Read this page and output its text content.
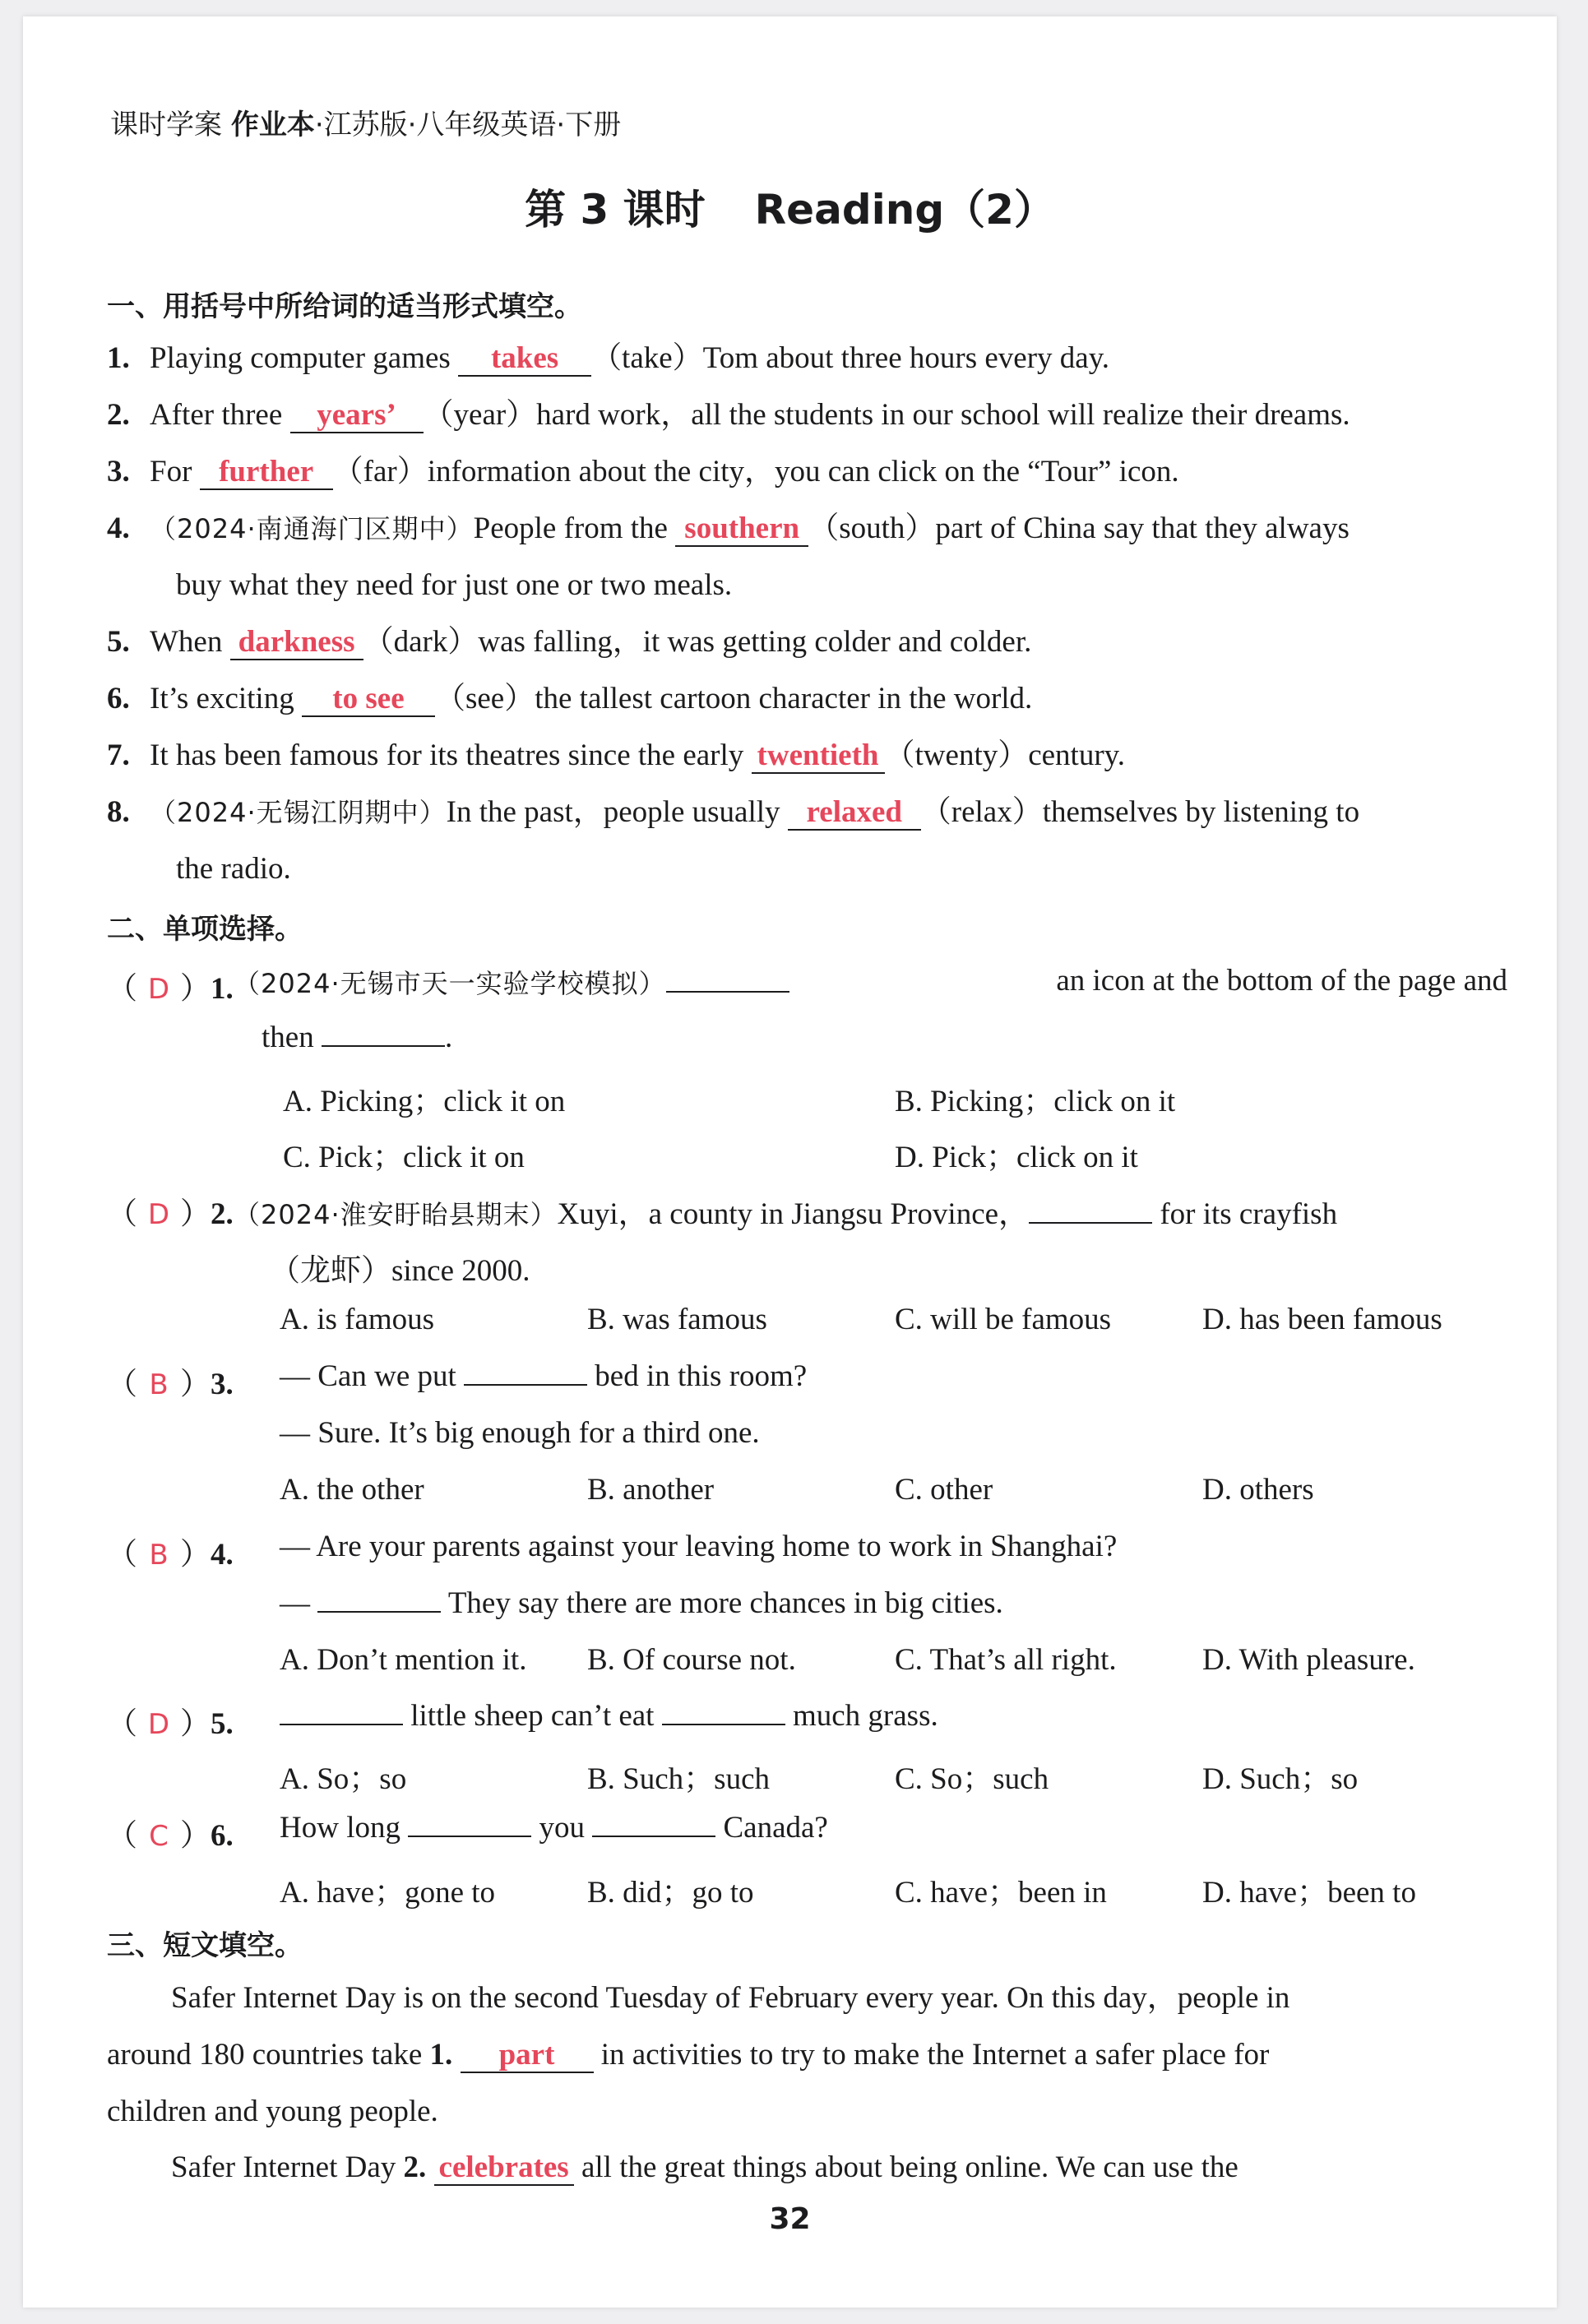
课时学案 作业本·江苏版·八年级英语·下册
第 3 课时 Reading（2）
一、用括号中所给词的适当形式填空。
1. Playing computer games takes （take）Tom about three hours every day.
2. After three years’ （year）hard work，all the students in our school will realize their dreams.
3. For further （far）information about the city，you can click on the “Tour” icon.
4. （2024·南通海门区期中）People from the southern （south）part of China say that they always
buy what they need for just one or two meals.
5. When darkness （dark）was falling，it was getting colder and colder.
6. It’s exciting to see （see）the tallest cartoon character in the world.
7. It has been famous for its theatres since the early twentieth （twenty）century.
8. （2024·无锡江阴期中）In the past，people usually relaxed （relax）themselves by listening to
the radio.
二、单项选择。
（ D ）1. （2024·无锡市天一实验学校模拟）	an icon at the bottom of the page and
then	.
A. Picking；click it on	B. Picking；click on it
C. Pick；click it on	D. Pick；click on it
（ D ）2. （2024·淮安盱眙县期末）Xuyi，a county in Jiangsu Province，	for its crayfish
（龙虾）since 2000.
A. is famous	B. was famous	C. will be famous	D. has been famous
（ B ）3. — Can we put	bed in this room?
— Sure. It’s big enough for a third one.
A. the other	B. another	C. other	D. others
（ B ）4. — Are your parents against your leaving home to work in Shanghai?
—	They say there are more chances in big cities.
A. Don’t mention it. B. Of course not.	C. That’s all right.	D. With pleasure.
（ D ）5.	little sheep can’t eat	much grass.
A. So；so	B. Such；such	C. So；such	D. Such；so
（ C ）6. How long	you	Canada?
A. have；gone to	B. did；go to	C. have；been in	D. have；been to
三、短文填空。
Safer Internet Day is on the second Tuesday of February every year. On this day，people in
around 180 countries take 1. part in activities to try to make the Internet a safer place for
children and young people.
Safer Internet Day 2. celebrates all the great things about being online. We can use the
32
